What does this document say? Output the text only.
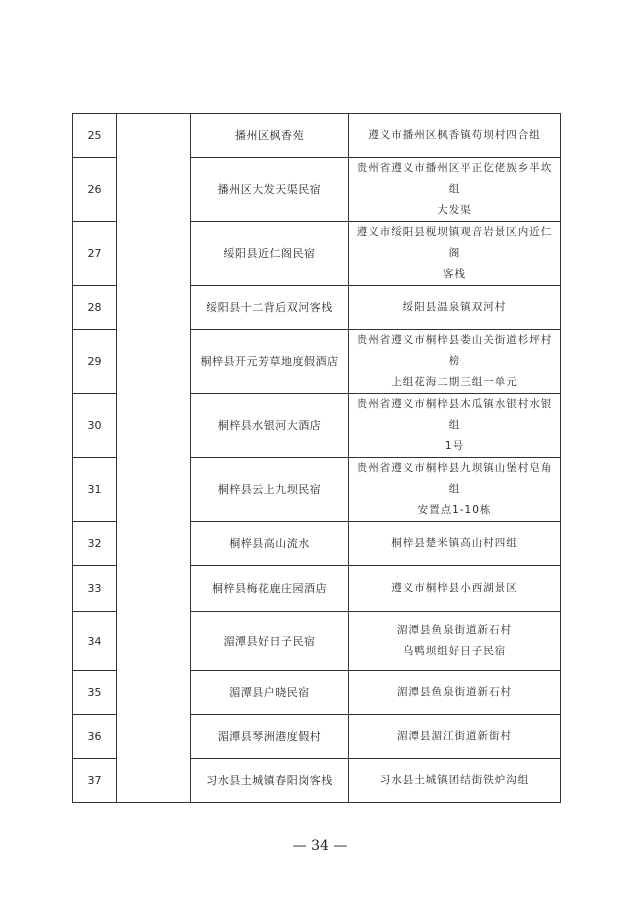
25		播州区枫香苑	遵义市播州区枫香镇苟坝村四合组

26		播州区大发天渠民宿	贵州省遵义市播州区平正仡佬族乡半坎组
大发渠

27		绥阳县近仁阁民宿	遵义市绥阳县枧坝镇观音岩景区内近仁阁
客栈

28		绥阳县十二背后双河客栈	绥阳县温泉镇双河村

29		桐梓县开元芳草地度假酒店	贵州省遵义市桐梓县娄山关街道杉坪村榜
上组花海二期三组一单元

30		桐梓县水银河大酒店	贵州省遵义市桐梓县木瓜镇水银村水银组
1号

31		桐梓县云上九坝民宿	贵州省遵义市桐梓县九坝镇山堡村皂角组
安置点1-10栋

32		桐梓县高山流水	桐梓县楚米镇高山村四组

33		桐梓县梅花鹿庄园酒店	遵义市桐梓县小西湖景区

34		湄潭县好日子民宿	湄潭县鱼泉街道新石村
乌鸭坝组好日子民宿

35		湄潭县户晓民宿	湄潭县鱼泉街道新石村

36		湄潭县琴洲港度假村	湄潭县湄江街道新街村

37		习水县土城镇春阳岗客栈	习水县土城镇团结街铁炉沟组
— 34 —
